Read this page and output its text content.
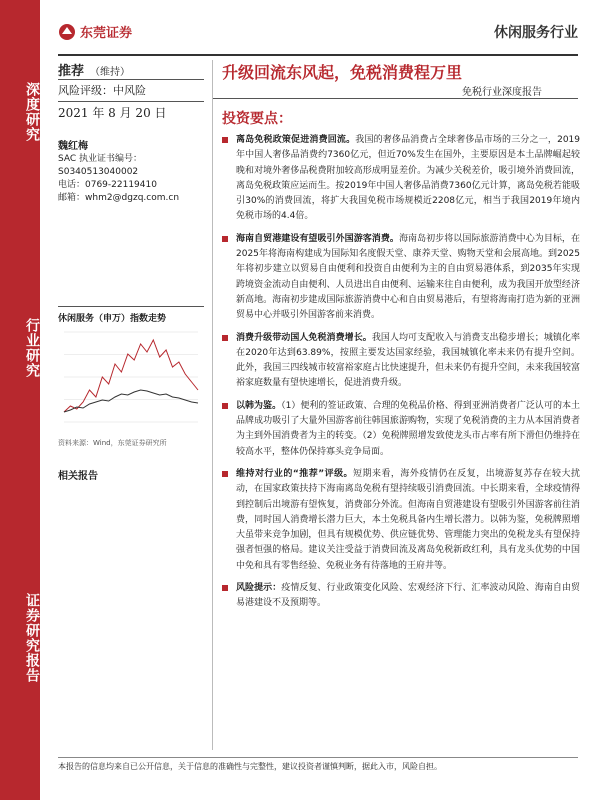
深度研究
行业研究
证券研究报告
东莞证券	休闲服务行业
推荐 （维持）
风险评级：中风险
2021 年 8 月 20 日
魏红梅
SAC 执业证书编号：
S0340513040002
电话：0769-22119410
邮箱：whm2@dgzq.com.cn
休闲服务（申万）指数走势
资料来源：Wind，东莞证券研究所
相关报告
升级回流东风起，免税消费程万里
免税行业深度报告
投资要点：
离岛免税政策促进消费回流。我国的奢侈品消费占全球奢侈品市场的三分之一，2019年中国人奢侈品消费约7360亿元，但近70%发生在国外，主要原因是本土品牌崛起较晚和对境外奢侈品税费附加较高形成明显差价。为减少关税差价，吸引境外消费回流，离岛免税政策应运而生。按2019年中国人奢侈品消费7360亿元计算，离岛免税若能吸引30%的消费回流，将扩大我国免税市场规模近2208亿元，相当于我国2019年境内免税市场的4.4倍。
海南自贸港建设有望吸引外国游客消费。海南岛初步将以国际旅游消费中心为目标，在2025年将海南构建成为国际知名度假天堂、康养天堂、购物天堂和会展高地。到2025年将初步建立以贸易自由便利和投资自由便利为主的自由贸易港体系，到2035年实现跨境资金流动自由便利、人员进出自由便利、运输来往自由便利，成为我国开放型经济新高地。海南初步建成国际旅游消费中心和自由贸易港后，有望将海南打造为新的亚洲贸易中心并吸引外国游客前来消费。
消费升级带动国人免税消费增长。我国人均可支配收入与消费支出稳步增长；城镇化率在2020年达到63.89%，按照主要发达国家经验，我国城镇化率未来仍有提升空间。此外，我国三四线城市较富裕家庭占比快速提升，但未来仍有提升空间，未来我国较富裕家庭数量有望快速增长，促进消费升级。
以韩为鉴。（1）便利的签证政策、合理的免税品价格、得到亚洲消费者广泛认可的本土品牌成功吸引了大量外国游客前往韩国旅游购物，实现了免税消费的主力从本国消费者为主到外国消费者为主的转变。（2）免税牌照增发致使龙头市占率有所下滑但仍维持在较高水平，整体仍保持寡头竞争局面。
维持对行业的“推荐”评级。短期来看，海外疫情仍在反复，出境游复苏存在较大扰动，在国家政策扶持下海南离岛免税有望持续吸引消费回流。中长期来看，全球疫情得到控制后出境游有望恢复，消费部分外流。但海南自贸港建设有望吸引外国游客前往消费，同时国人消费增长潜力巨大，本土免税具备内生增长潜力。以韩为鉴，免税牌照增大虽带来竞争加剧，但具有规模优势、供应链优势、管理能力突出的免税龙头有望保持强者恒强的格局。建议关注受益于消费回流及离岛免税新政红利，具有龙头优势的中国中免和具有零售经验、免税业务有待落地的王府井等。
风险提示：疫情反复、行业政策变化风险、宏观经济下行、汇率波动风险、海南自由贸易港建设不及预期等。
本报告的信息均来自已公开信息，关于信息的准确性与完整性，建议投资者谨慎判断，据此入市，风险自担。
